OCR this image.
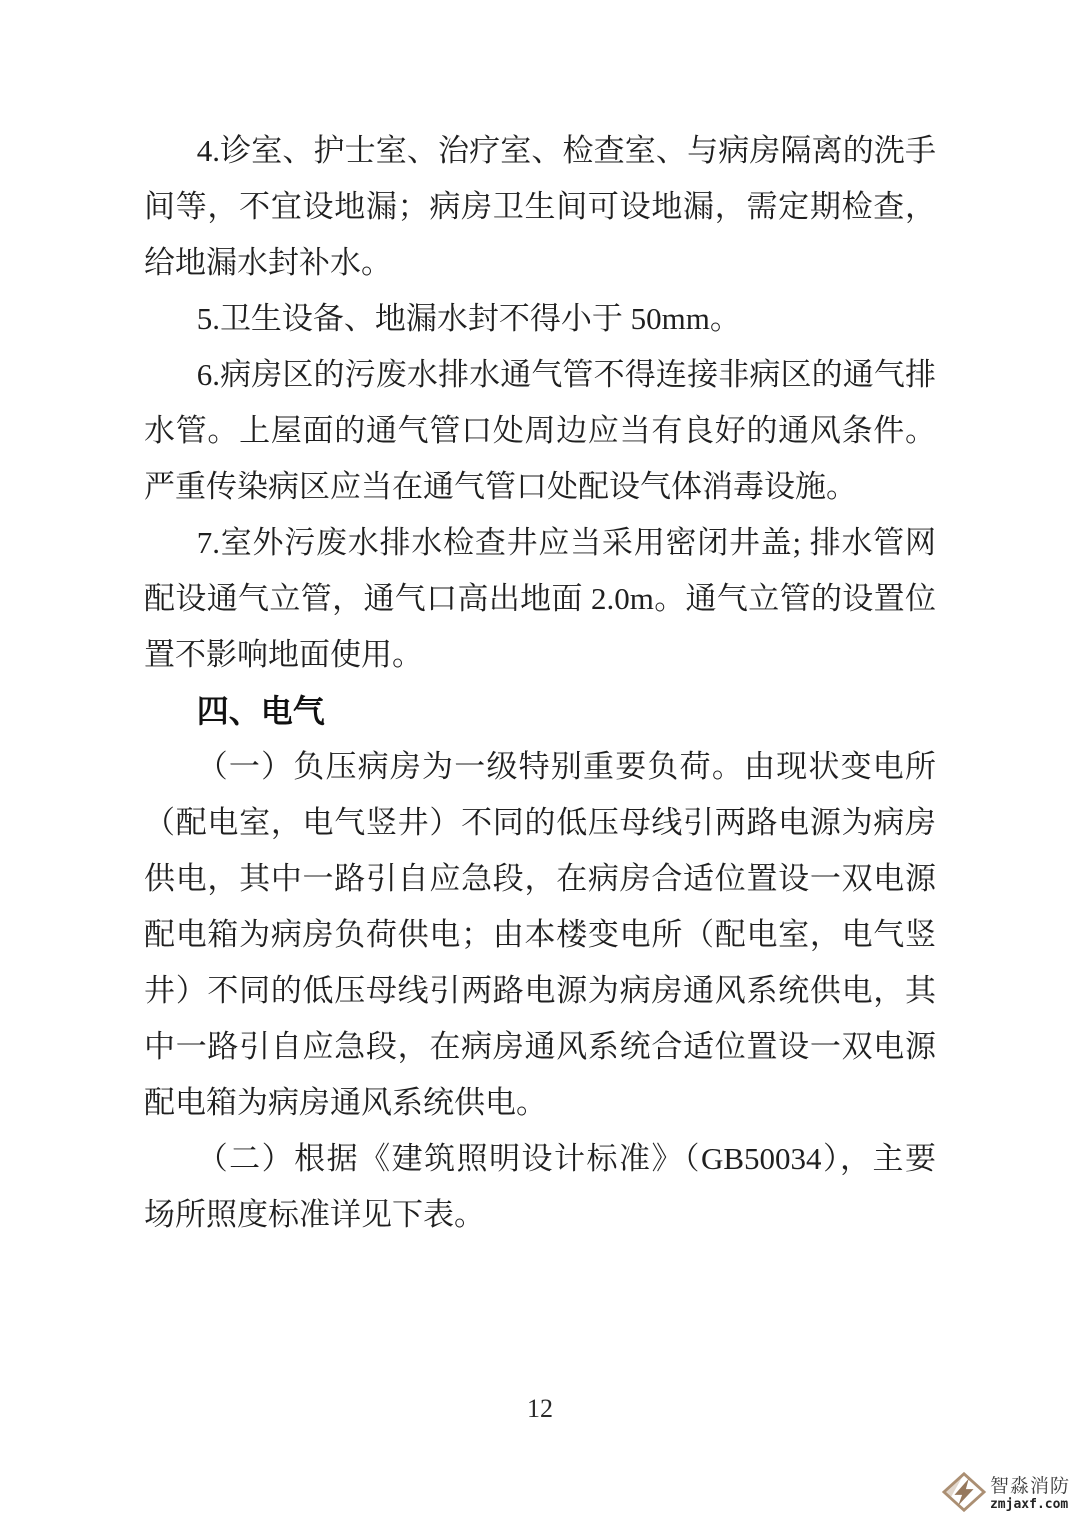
4.诊室、护士室、治疗室、检查室、与病房隔离的洗手间等，不宜设地漏；病房卫生间可设地漏，需定期检查，给地漏水封补水。

5.卫生设备、地漏水封不得小于 50mm。

6.病房区的污废水排水通气管不得连接非病区的通气排水管。上屋面的通气管口处周边应当有良好的通风条件。严重传染病区应当在通气管口处配设气体消毒设施。

7.室外污废水排水检查井应当采用密闭井盖; 排水管网配设通气立管，通气口高出地面 2.0m。通气立管的设置位置不影响地面使用。

四、电气

（一）负压病房为一级特别重要负荷。由现状变电所（配电室，电气竖井）不同的低压母线引两路电源为病房供电，其中一路引自应急段，在病房合适位置设一双电源配电箱为病房负荷供电；由本楼变电所（配电室，电气竖井）不同的低压母线引两路电源为病房通风系统供电，其中一路引自应急段，在病房通风系统合适位置设一双电源配电箱为病房通风系统供电。

（二）根据《建筑照明设计标准》（GB50034），主要场所照度标准详见下表。

12
智淼消防
zmjaxf.com
